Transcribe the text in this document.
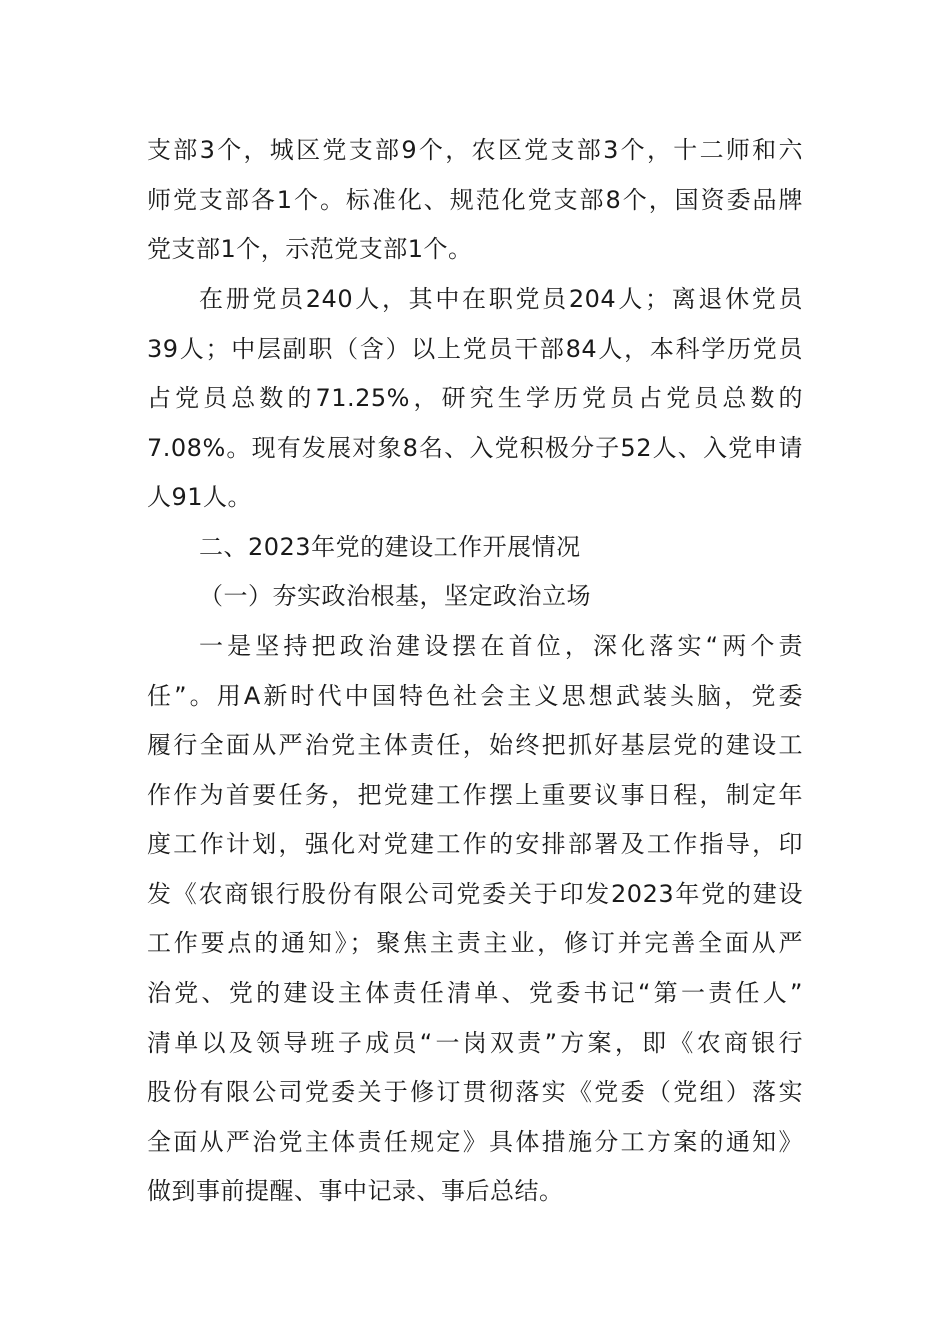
支部3个，城区党支部9个，农区党支部3个，十二师和六
师党支部各1个。标准化、规范化党支部8个，国资委品牌
党支部1个，示范党支部1个。
在册党员240人，其中在职党员204人；离退休党员
39人；中层副职（含）以上党员干部84人，本科学历党员
占党员总数的71.25%，研究生学历党员占党员总数的
7.08%。现有发展对象8名、入党积极分子52人、入党申请
人91人。
二、2023年党的建设工作开展情况
（一）夯实政治根基，坚定政治立场
一是坚持把政治建设摆在首位，深化落实“两个责
任”。用A新时代中国特色社会主义思想武装头脑，党委
履行全面从严治党主体责任，始终把抓好基层党的建设工
作作为首要任务，把党建工作摆上重要议事日程，制定年
度工作计划，强化对党建工作的安排部署及工作指导，印
发《农商银行股份有限公司党委关于印发2023年党的建设
工作要点的通知》；聚焦主责主业，修订并完善全面从严
治党、党的建设主体责任清单、党委书记“第一责任人”
清单以及领导班子成员“一岗双责”方案，即《农商银行
股份有限公司党委关于修订贯彻落实《党委（党组）落实
全面从严治党主体责任规定》具体措施分工方案的通知》
做到事前提醒、事中记录、事后总结。
